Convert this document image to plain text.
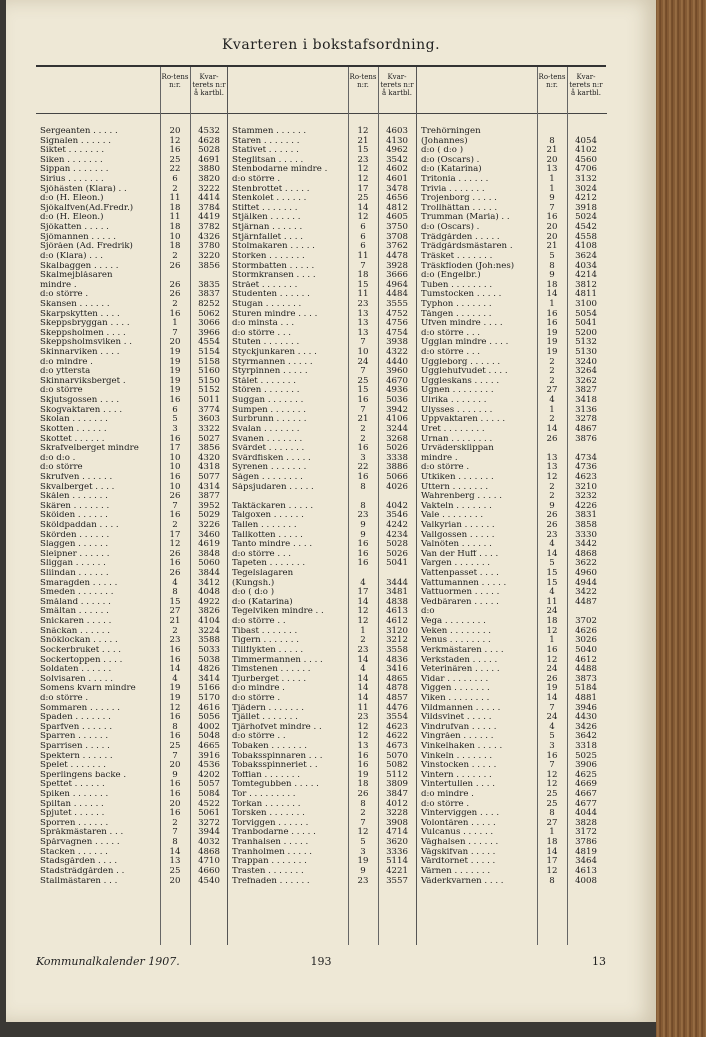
Kvarteren i bokstafsordning.
Ro-tens n:r.
Kvar-terets n:r å kartbl.
Sergeanten . . . . .	20	4532
Signalen . . . . . .	12	4628
Siktet . . . . . . .	16	5028
Siken . . . . . . .	25	4691
Sippan . . . . . . .	22	3880
Sirius . . . . . . .	6	3820
Sjöhästen (Klara) . .	2	3222
d:o (H. Eleon.)	11	4414
Sjökalfven(Ad.Fredr.)	18	3784
d:o (H. Eleon.)	11	4419
Sjökatten . . . . .	18	3782
Sjömannen . . . . .	10	4326
Sjöråen (Ad. Fredrik)	18	3780
d:o (Klara) . . .	2	3220
Skalbaggen . . . . .	26	3856
Skalmejblåsaren
mindre .	26	3835
d:o större .	26	3837
Skansen . . . . . .	2	8252
Skarpskytten . . . .	16	5062
Skeppsbryggan . . . .	1	3066
Skeppsholmen . . . .	7	3966
Skeppsholmsviken . .	20	4554
Skinnarviken . . . .	19	5154
d:o mindre .	19	5158
d:o yttersta	19	5160
Skinnarviksberget .	19	5150
d:o större	19	5152
Skjutsgossen . . . .	16	5011
Skogvaktaren . . . .	6	3774
Skolan . . . . . . .	5	3603
Skotten . . . . . .	3	3322
Skottet . . . . . .	16	5027
Skrafvelberget mindre	17	3856
d:o d:o .	10	4320
d:o större	10	4318
Skrufven . . . . . .	16	5077
Skvalberget . . . .	10	4314
Skålen . . . . . . .	26	3877
Skären . . . . . . .	7	3952
Sköiden . . . . . .	16	5029
Sköldpaddan . . . .	2	3226
Skörden . . . . . .	17	3460
Slaggen . . . . . .	12	4619
Sleipner . . . . . .	26	3848
Sliggan . . . . . .	16	5060
Sliindan . . . . . .	26	3844
Smaragden . . . . .	4	3412
Smeden . . . . . . .	8	4048
Småland . . . . . .	15	4922
Smältan . . . . . .	27	3826
Snickaren . . . . .	21	4104
Snäckan . . . . . .	2	3224
Snöklockan . . . . .	23	3588
Sockerbruket . . . .	16	5033
Sockertoppen . . . .	16	5038
Soldaten . . . . . .	14	4826
Solvisaren . . . . .	4	3414
Somens kvarn mindre	19	5166
d:o större .	19	5170
Sommaren . . . . . .	12	4616
Spaden . . . . . . .	16	5056
Sparfven . . . . . .	8	4002
Sparren . . . . . .	16	5048
Sparrisen . . . . .	25	4665
Spektern . . . . . .	7	3916
Spelet . . . . . . .	20	4536
Sperlingens backe .	9	4202
Spettet . . . . . .	16	5057
Spiken . . . . . . .	16	5084
Spiltan . . . . . .	20	4522
Spjutet . . . . . .	16	5061
Sporren . . . . . .	2	3272
Språkmästaren . . .	7	3944
Spårvagnen . . . . .	8	4032
Stacken . . . . . .	14	4868
Stadsgården . . . .	13	4710
Stadsträdgården . .	25	4660
Stallmästaren . . .	20	4540
Ro-tens n:r.
Kvar-terets n:r å kartbl.
Stammen . . . . . .	12	4603
Staren . . . . . . .	21	4130
Stativet . . . . . .	15	4962
Steglitsan . . . . .	23	3542
Stenbodarne mindre .	12	4602
d:o större .	12	4601
Stenbrottet . . . . .	17	3478
Stenkolet . . . . . .	25	4656
Stiftet . . . . . . .	14	4812
Stjälken . . . . . .	12	4605
Stjärnan . . . . . .	6	3750
Stjärnfallet . . . .	6	3708
Stolmakaren . . . . .	6	3762
Storken . . . . . . .	11	4478
Stormbatten . . . . .	7	3928
Stormkransen . . . .	18	3666
Strået . . . . . . .	15	4964
Studenten . . . . . .	11	4484
Stugan . . . . . . .	23	3555
Sturen mindre . . . .	13	4752
d:o minsta . . .	13	4756
d:o större . . .	13	4754
Stuten . . . . . . .	7	3938
Styckjunkaren . . . .	10	4322
Styrmannen . . . . .	24	4440
Styrpinnen . . . . .	7	3960
Stålet . . . . . . .	25	4670
Stören . . . . . . .	15	4936
Suggan . . . . . . .	16	5036
Sumpen . . . . . . .	7	3942
Surbrunn . . . . . .	21	4106
Svalan . . . . . . .	2	3244
Svanen . . . . . . .	2	3268
Svärdet . . . . . . .	16	5026
Svärdfisken . . . . .	3	3338
Syrenen . . . . . . .	22	3886
Sågen . . . . . . . .	16	5066
Såpsjudaren . . . . .	8	4026
Taktäckaren . . . . .	8	4042
Talgoxen . . . . . .	23	3546
Tallen . . . . . . .	9	4242
Tallkotten . . . . .	9	4234
Tanto mindre . . . .	16	5028
d:o större . . .	16	5026
Tapeten . . . . . . .	16	5041
Tegelslagaren
(Kungsh.)	4	3444
d:o ( d:o )	17	3481
d:o (Katarina)	14	4838
Tegelviken mindre . .	12	4613
d:o större . .	12	4612
Tibast . . . . . . .	1	3120
Tigern . . . . . . .	2	3212
Tillflykten . . . . .	23	3558
Timmermannen . . . .	14	4836
Timstenen . . . . . .	4	3416
Tjurberget . . . . .	14	4865
d:o mindre .	14	4878
d:o större .	14	4857
Tjädern . . . . . . .	11	4476
Tjället . . . . . . .	23	3554
Tjärhofvet mindre . .	12	4623
d:o större . .	12	4622
Tobaken . . . . . . .	13	4673
Tobaksspinnaren . . .	16	5070
Tobaksspinneriet . .	16	5082
Toffian . . . . . . .	19	5112
Tomtegubben . . . . .	18	3809
Tor . . . . . . . . .	26	3847
Torkan . . . . . . .	8	4012
Torsken . . . . . . .	2	3228
Torviggen . . . . . .	7	3908
Tranbodarne . . . . .	12	4714
Tranhalsen . . . . .	5	3620
Tranholmen . . . . .	3	3336
Trappan . . . . . . .	19	5114
Trasten . . . . . . .	9	4221
Trefnaden . . . . . .	23	3557
Ro-tens n:r.
Kvar-terets n:r å kartbl.
Trehörningen
(Johannes)	8	4054
d:o ( d:o )	21	4102
d:o (Oscars) .	20	4560
d:o (Katarina)	13	4706
Tritonia . . . . . .	1	3132
Trivia . . . . . . .	1	3024
Trojenborg . . . . .	9	4212
Trollhättan . . . . .	7	3918
Trumman (Maria) . .	16	5024
d:o (Oscars) .	20	4542
Trädgården . . . . .	20	4558
Trädgårdsmästaren .	21	4108
Träsket . . . . . . .	5	3624
Träskfloden (Joh:nes)	8	4034
d:o (Engelbr.)	9	4214
Tuben . . . . . . . .	18	3812
Tumstocken . . . . .	14	4811
Typhon . . . . . . .	1	3100
Tången . . . . . . .	16	5054
Ufven mindre . . . .	16	5041
d:o större . . .	19	5200
Ugglan mindre . . . .	19	5132
d:o större . . .	19	5130
Uggleborg . . . . . .	2	3240
Ugglehufvudet . . . .	2	3264
Uggleskans . . . . .	2	3262
Ugnen . . . . . . . .	27	3827
Ulrika . . . . . . .	4	3418
Ulysses . . . . . . .	1	3136
Uppvaktaren . . . . .	2	3278
Uret . . . . . . . .	14	4867
Urnan . . . . . . . .	26	3876
Urvädersklippan
mindre .	13	4734
d:o större .	13	4736
Utkiken . . . . . . .	12	4623
Uttern . . . . . . .	2	3210
Wahrenberg . . . . .	2	3232
Vakteln . . . . . . .	9	4226
Vale . . . . . . . .	26	3831
Valkyrian . . . . . .	26	3858
Vallgossen . . . . .	23	3330
Valnöten . . . . . .	4	3442
Van der Huff . . . .	14	4868
Vargen . . . . . . .	5	3622
Vattenpasset . . . .	15	4960
Vattumannen . . . . .	15	4944
Vattuormen . . . . .	4	3422
Vedbäraren . . . . .	11	4487
d:o	24
Vega . . . . . . . .	18	3702
Veken . . . . . . . .	12	4626
Venus . . . . . . . .	1	3026
Verkmästaren . . . .	16	5040
Verkstaden . . . . .	12	4612
Veterinären . . . . .	24	4488
Vidar . . . . . . . .	26	3873
Viggen . . . . . . .	19	5184
Viken . . . . . . . .	14	4881
Vildmannen . . . . .	7	3946
Vildsvinet . . . . .	24	4430
Vindrufvan . . . . .	4	3426
Vingråen . . . . . .	5	3642
Vinkelhaken . . . . .	3	3318
Vinkeln . . . . . . .	16	5025
Vinstocken . . . . .	7	3906
Vintern . . . . . . .	12	4625
Vintertullen . . . .	12	4669
d:o mindre .	25	4667
d:o större .	25	4677
Vinterviggen . . . .	8	4044
Volontären . . . . .	27	3828
Vulcanus . . . . . .	1	3172
Våghalsen . . . . . .	18	3786
Vågskifvan . . . . .	14	4819
Vårdtornet . . . . .	17	3464
Värnen . . . . . . .	12	4613
Väderkvarnen . . . .	8	4008
Kommunalkalender 1907.	193	13
